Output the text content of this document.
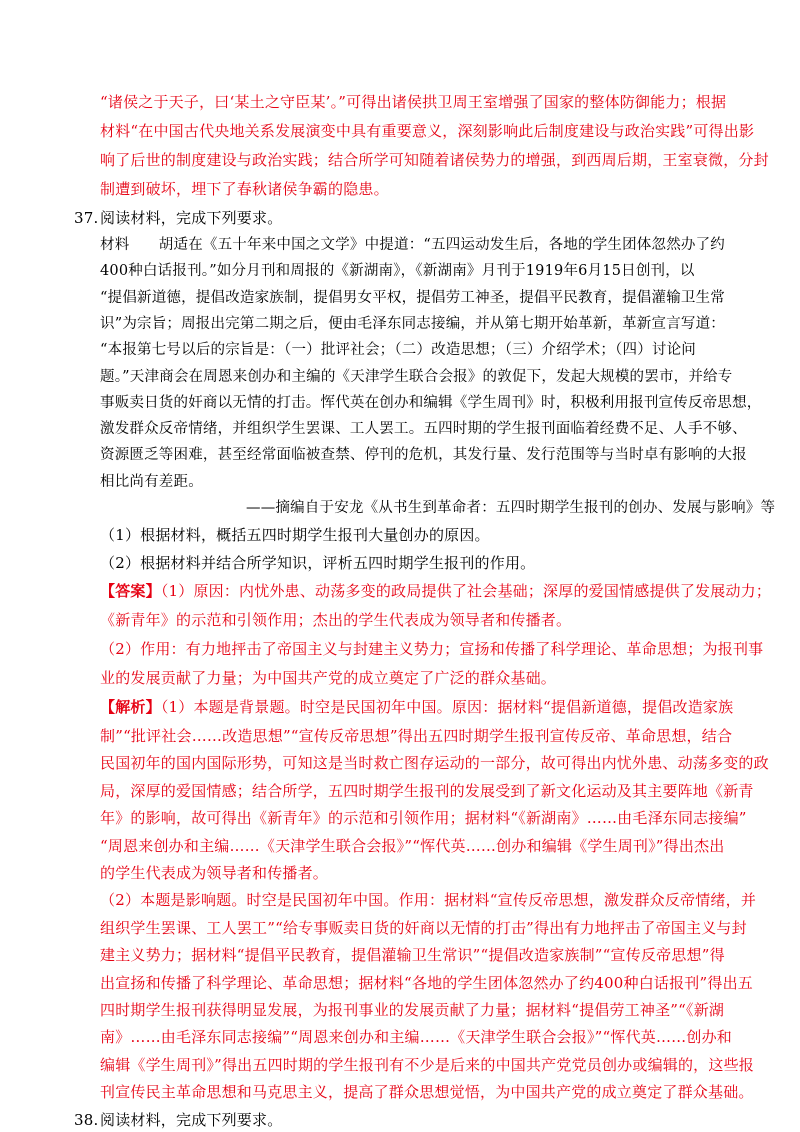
“诸侯之于天子，曰‘某土之守臣某’。”可得出诸侯拱卫周王室增强了国家的整体防御能力；根据
材料“在中国古代央地关系发展演变中具有重要意义，深刻影响此后制度建设与政治实践”可得出影
响了后世的制度建设与政治实践；结合所学可知随着诸侯势力的增强，到西周后期，王室衰微，分封
制遭到破坏，埋下了春秋诸侯争霸的隐患。
37. 阅读材料，完成下列要求。
材料　　胡适在《五十年来中国之文学》中提道：“五四运动发生后，各地的学生团体忽然办了约
400种白话报刊。”如分月刊和周报的《新湖南》，《新湖南》月刊于1919年6月15日创刊，以
“提倡新道德，提倡改造家族制，提倡男女平权，提倡劳工神圣，提倡平民教育，提倡灌输卫生常
识”为宗旨；周报出完第二期之后，便由毛泽东同志接编，并从第七期开始革新，革新宣言写道：
“本报第七号以后的宗旨是：（一）批评社会；（二）改造思想；（三）介绍学术；（四）讨论问
题。”天津商会在周恩来创办和主编的《天津学生联合会报》的敦促下，发起大规模的罢市，并给专
事贩卖日货的奸商以无情的打击。恽代英在创办和编辑《学生周刊》时，积极利用报刊宣传反帝思想，
激发群众反帝情绪，并组织学生罢课、工人罢工。五四时期的学生报刊面临着经费不足、人手不够、
资源匮乏等困难，甚至经常面临被查禁、停刊的危机，其发行量、发行范围等与当时卓有影响的大报
相比尚有差距。
——摘编自于安龙《从书生到革命者：五四时期学生报刊的创办、发展与影响》等
（1）根据材料，概括五四时期学生报刊大量创办的原因。
（2）根据材料并结合所学知识，评析五四时期学生报刊的作用。
【答案】（1）原因：内忧外患、动荡多变的政局提供了社会基础；深厚的爱国情感提供了发展动力；
《新青年》的示范和引领作用；杰出的学生代表成为领导者和传播者。
（2）作用：有力地抨击了帝国主义与封建主义势力；宣扬和传播了科学理论、革命思想；为报刊事
业的发展贡献了力量；为中国共产党的成立奠定了广泛的群众基础。
【解析】（1）本题是背景题。时空是民国初年中国。原因：据材料“提倡新道德，提倡改造家族
制”“批评社会……改造思想”“宣传反帝思想”得出五四时期学生报刊宣传反帝、革命思想，结合
民国初年的国内国际形势，可知这是当时救亡图存运动的一部分，故可得出内忧外患、动荡多变的政
局，深厚的爱国情感；结合所学，五四时期学生报刊的发展受到了新文化运动及其主要阵地《新青
年》的影响，故可得出《新青年》的示范和引领作用；据材料“《新湖南》……由毛泽东同志接编”
“周恩来创办和主编……《天津学生联合会报》”“恽代英……创办和编辑《学生周刊》”得出杰出
的学生代表成为领导者和传播者。
（2）本题是影响题。时空是民国初年中国。作用：据材料“宣传反帝思想，激发群众反帝情绪，并
组织学生罢课、工人罢工”“给专事贩卖日货的奸商以无情的打击”得出有力地抨击了帝国主义与封
建主义势力；据材料“提倡平民教育，提倡灌输卫生常识”“提倡改造家族制”“宣传反帝思想”得
出宣扬和传播了科学理论、革命思想；据材料“各地的学生团体忽然办了约400种白话报刊”得出五
四时期学生报刊获得明显发展，为报刊事业的发展贡献了力量；据材料“提倡劳工神圣”“《新湖
南》……由毛泽东同志接编”“周恩来创办和主编……《天津学生联合会报》”“恽代英……创办和
编辑《学生周刊》”得出五四时期的学生报刊有不少是后来的中国共产党党员创办或编辑的，这些报
刊宣传民主革命思想和马克思主义，提高了群众思想觉悟，为中国共产党的成立奠定了群众基础。
38. 阅读材料，完成下列要求。
